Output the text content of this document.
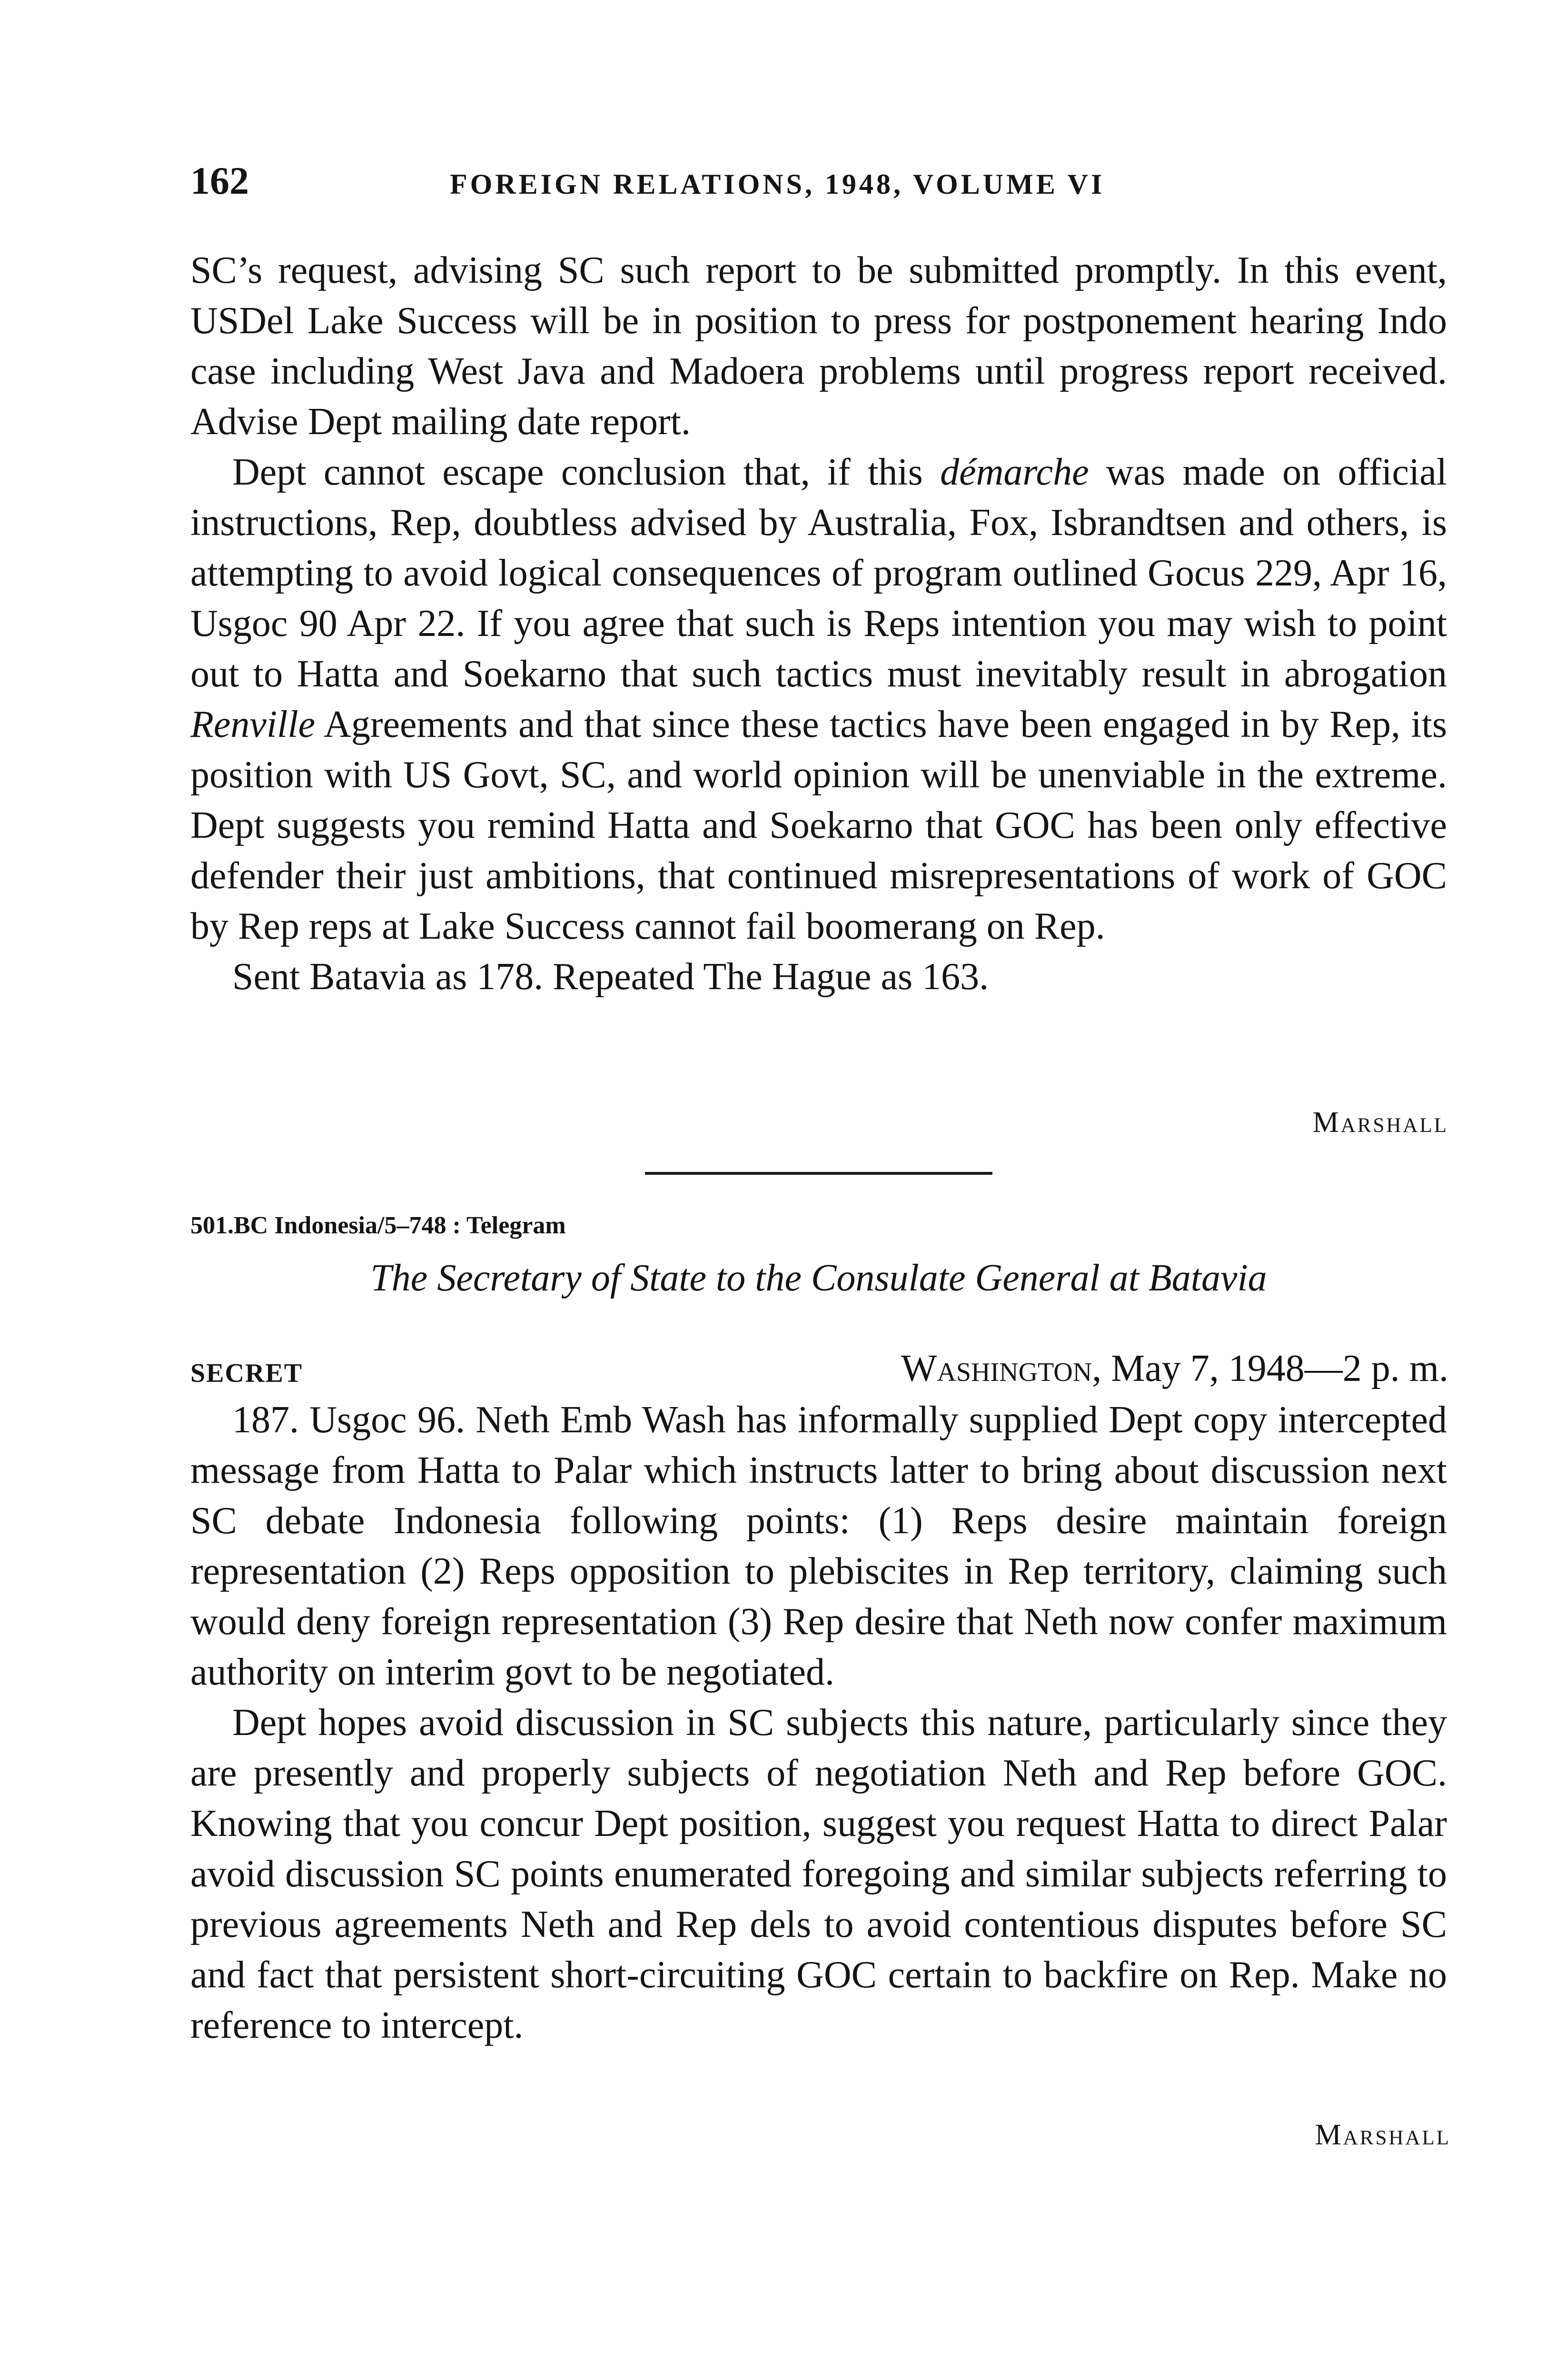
162	FOREIGN RELATIONS, 1948, VOLUME VI

SC’s request, advising SC such report to be submitted promptly. In this event, USDel Lake Success will be in position to press for postponement hearing Indo case including West Java and Madoera problems until progress report received. Advise Dept mailing date report.

Dept cannot escape conclusion that, if this démarche was made on official instructions, Rep, doubtless advised by Australia, Fox, Isbrandtsen and others, is attempting to avoid logical consequences of program outlined Gocus 229, Apr 16, Usgoc 90 Apr 22. If you agree that such is Reps intention you may wish to point out to Hatta and Soekarno that such tactics must inevitably result in abrogation Renville Agreements and that since these tactics have been engaged in by Rep, its position with US Govt, SC, and world opinion will be unenviable in the extreme. Dept suggests you remind Hatta and Soekarno that GOC has been only effective defender their just ambitions, that continued misrepresentations of work of GOC by Rep reps at Lake Success cannot fail boomerang on Rep.

Sent Batavia as 178. Repeated The Hague as 163.

Marshall
501.BC Indonesia/5–748 : Telegram
The Secretary of State to the Consulate General at Batavia
SECRET	Washington, May 7, 1948—2 p. m.

187. Usgoc 96. Neth Emb Wash has informally supplied Dept copy intercepted message from Hatta to Palar which instructs latter to bring about discussion next SC debate Indonesia following points: (1) Reps desire maintain foreign representation (2) Reps opposition to plebiscites in Rep territory, claiming such would deny foreign representation (3) Rep desire that Neth now confer maximum authority on interim govt to be negotiated.

Dept hopes avoid discussion in SC subjects this nature, particularly since they are presently and properly subjects of negotiation Neth and Rep before GOC. Knowing that you concur Dept position, suggest you request Hatta to direct Palar avoid discussion SC points enumerated foregoing and similar subjects referring to previous agreements Neth and Rep dels to avoid contentious disputes before SC and fact that persistent short-circuiting GOC certain to backfire on Rep. Make no reference to intercept.

Marshall
